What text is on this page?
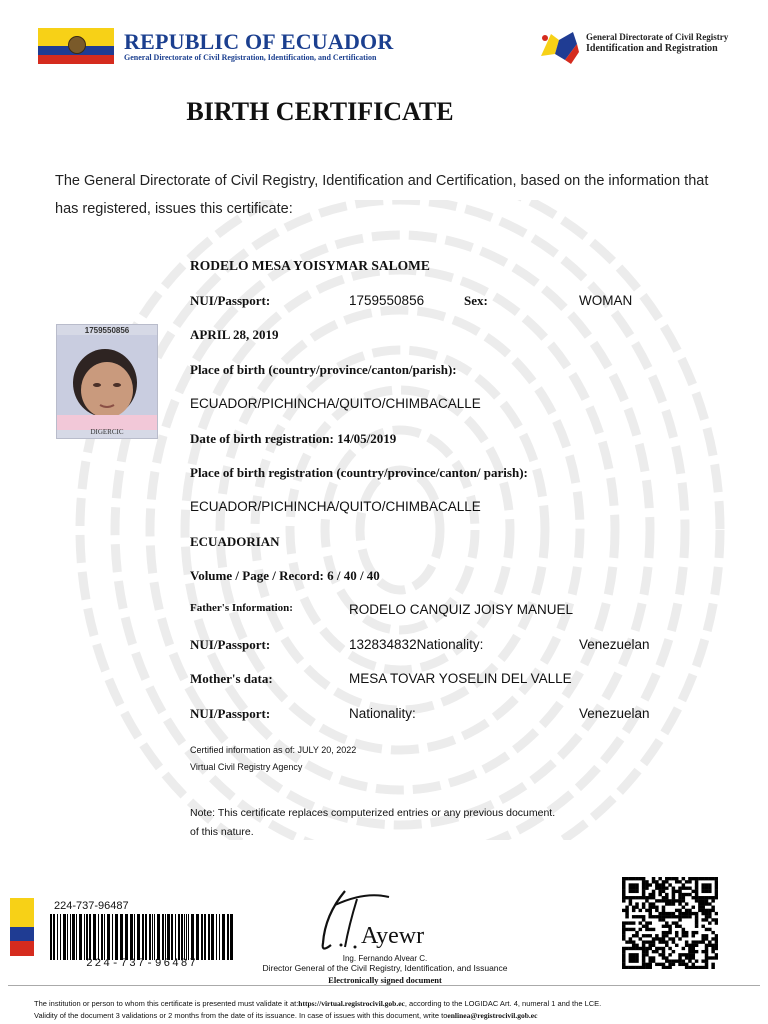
REPUBLIC OF ECUADOR
General Directorate of Civil Registration, Identification, and Certification
General Directorate of Civil Registry
Identification and Registration
BIRTH CERTIFICATE
The General Directorate of Civil Registry, Identification and Certification, based on the information that
has registered, issues this certificate:
1759550856
DIGERCIC
RODELO MESA YOISYMAR SALOME
NUI/Passport:	1759550856	Sex:	WOMAN
APRIL 28, 2019
Place of birth (country/province/canton/parish):
ECUADOR/PICHINCHA/QUITO/CHIMBACALLE
Date of birth registration: 14/05/2019
Place of birth registration (country/province/canton/ parish):
ECUADOR/PICHINCHA/QUITO/CHIMBACALLE
ECUADORIAN
Volume / Page / Record: 6 / 40 / 40
Father's Information:	RODELO CANQUIZ JOISY MANUEL
NUI/Passport:	132834832Nationality:	Venezuelan
Mother's data:	MESA TOVAR YOSELIN DEL VALLE
NUI/Passport:	Nationality:	Venezuelan
Certified information as of: JULY 20, 2022
Virtual Civil Registry Agency
Note: This certificate replaces computerized entries or any previous document.
of this nature.
224-737-96487
224-737-96487
Ayewr
Ing. Fernando Alvear C.
Director General of the Civil Registry, Identification, and Issuance
Electronically signed document
The institution or person to whom this certificate is presented must validate it at:https://virtual.registrocivil.gob.ec, according to the LOGIDAC Art. 4, numeral 1 and the LCE.
Validity of the document 3 validations or 2 months from the date of its issuance. In case of issues with this document, write toenlinea@registrocivil.gob.ec
